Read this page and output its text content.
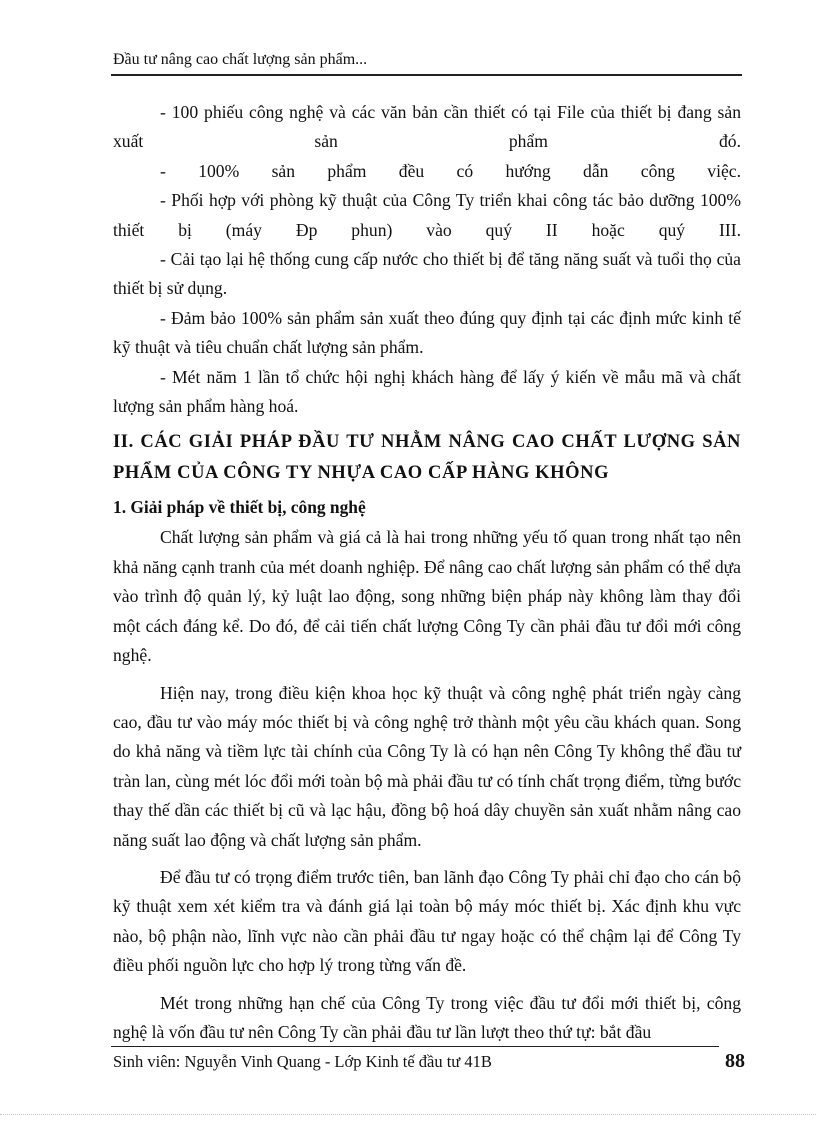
Đầu tư nâng cao chất lượng sản phẩm...

- 100 phiếu công nghệ và các văn bản cần thiết có tại File của thiết bị đang sản xuất sản phẩm đó.

- 100% sản phẩm đều có hướng dẫn công việc.

- Phối hợp với phòng kỹ thuật của Công Ty triển khai công tác bảo dưỡng 100% thiết bị (máy Đp phun) vào quý II hoặc quý III.

- Cải tạo lại hệ thống cung cấp nước cho thiết bị để tăng năng suất và tuổi thọ của thiết bị sử dụng.

- Đảm bảo 100% sản phẩm sản xuất theo đúng quy định tại các định mức kinh tế kỹ thuật và tiêu chuẩn chất lượng sản phẩm.

- Mét năm 1 lần tổ chức hội nghị khách hàng để lấy ý kiến về mẫu mã và chất lượng sản phẩm hàng hoá.

II. CÁC GIẢI PHÁP ĐẦU TƯ NHẰM NÂNG CAO CHẤT LƯỢNG SẢN PHẨM CỦA CÔNG TY NHỰA CAO CẤP HÀNG KHÔNG
1. Giải pháp về thiết bị, công nghệ

Chất lượng sản phẩm và giá cả là hai trong những yếu tố quan trong nhất tạo nên khả năng cạnh tranh của mét doanh nghiệp. Để nâng cao chất lượng sản phẩm có thể dựa vào trình độ quản lý, kỷ luật lao động, song những biện pháp này không làm thay đổi một cách đáng kể. Do đó, để cải tiến chất lượng Công Ty cần phải đầu tư đổi mới công nghệ.

Hiện nay, trong điều kiện khoa học kỹ thuật và công nghệ phát triển ngày càng cao, đầu tư vào máy móc thiết bị và công nghệ trở thành một yêu cầu khách quan. Song do khả năng và tiềm lực tài chính của Công Ty là có hạn nên Công Ty không thể đầu tư tràn lan, cùng mét lóc đổi mới toàn bộ mà phải đầu tư có tính chất trọng điểm, từng bước thay thế dần các thiết bị cũ và lạc hậu, đồng bộ hoá dây chuyền sản xuất nhằm nâng cao năng suất lao động và chất lượng sản phẩm.

Để đầu tư có trọng điểm trước tiên, ban lãnh đạo Công Ty phải chỉ đạo cho cán bộ kỹ thuật xem xét kiểm tra và đánh giá lại toàn bộ máy móc thiết bị. Xác định khu vực nào, bộ phận nào, lĩnh vực nào cần phải đầu tư ngay hoặc có thể chậm lại để Công Ty điều phối nguồn lực cho hợp lý trong từng vấn đề.

Mét trong những hạn chế của Công Ty trong việc đầu tư đổi mới thiết bị, công nghệ là vốn đầu tư nên Công Ty cần phải đầu tư lần lượt theo thứ tự: bắt đầu

Sinh viên: Nguyễn Vinh Quang - Lớp Kinh tế đầu tư 41B	88
